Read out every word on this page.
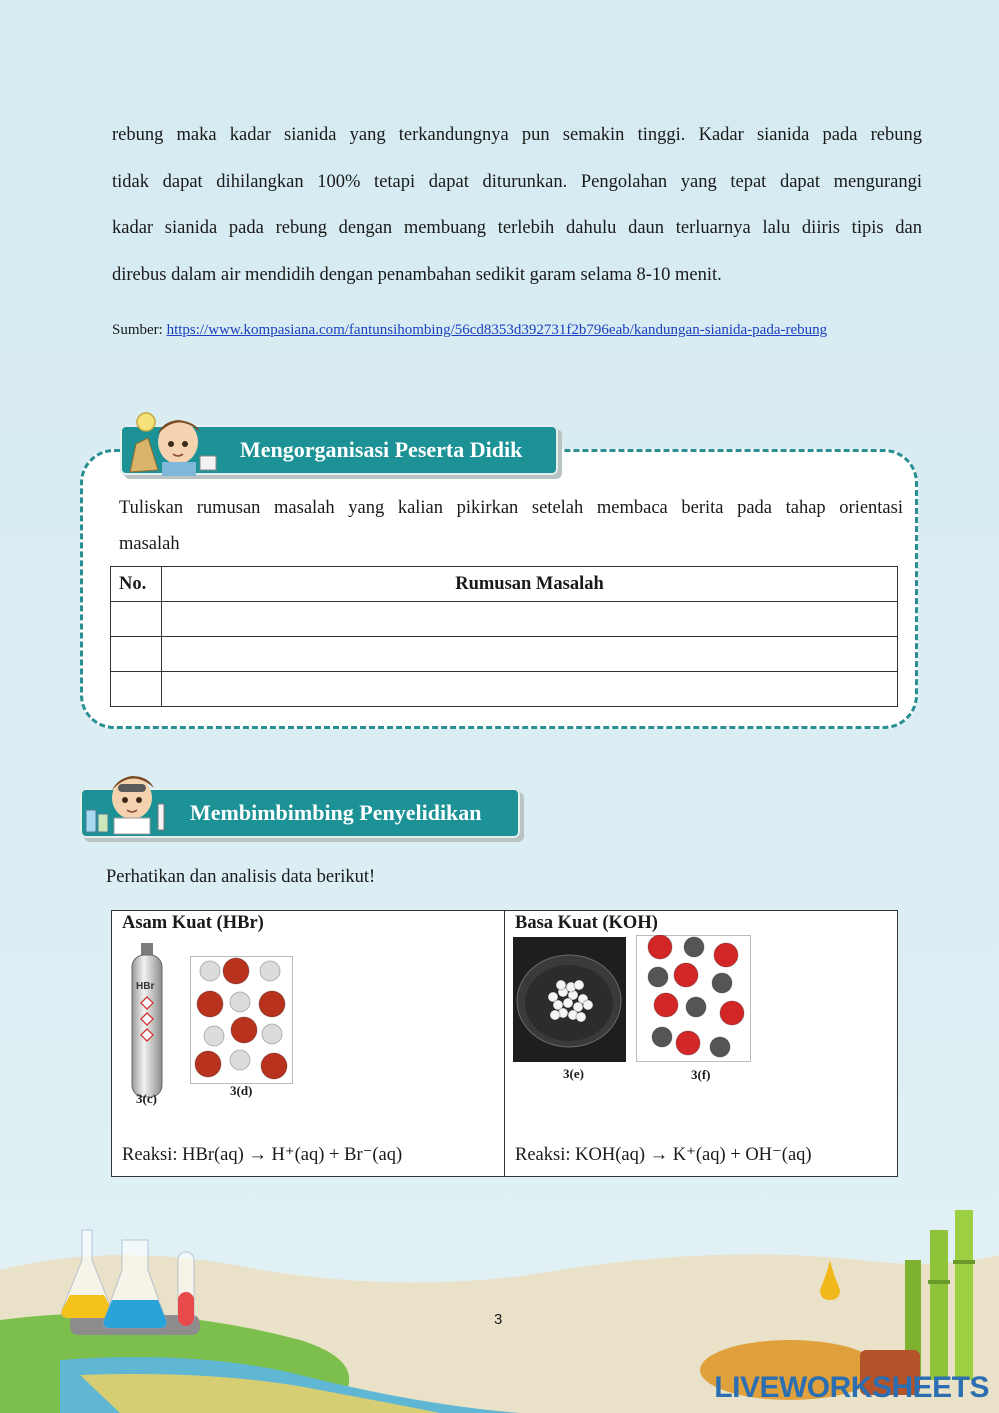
rebung maka kadar sianida yang terkandungnya pun semakin tinggi. Kadar sianida pada rebung
tidak dapat dihilangkan 100% tetapi dapat diturunkan. Pengolahan yang tepat dapat mengurangi
kadar sianida pada rebung dengan membuang terlebih dahulu daun terluarnya lalu diiris tipis dan
direbus dalam air mendidih dengan penambahan sedikit garam selama 8-10 menit.
Sumber: https://www.kompasiana.com/fantunsihombing/56cd8353d392731f2b796eab/kandungan-sianida-pada-rebung
Mengorganisasi Peserta Didik
Tuliskan rumusan masalah yang kalian pikirkan setelah membaca berita pada tahap orientasi
masalah
No.	Rumusan Masalah

Membimbimbing Penyelidikan
Perhatikan dan analisis data berikut!
Asam Kuat (HBr)
HBr
3(c)
3(d)
Reaksi: HBr(aq) → H⁺(aq) + Br⁻(aq)

Basa Kuat (KOH)
3(e)	3(f)
Reaksi: KOH(aq) → K⁺(aq) + OH⁻(aq)
3
LIVEWORKSHEETS
